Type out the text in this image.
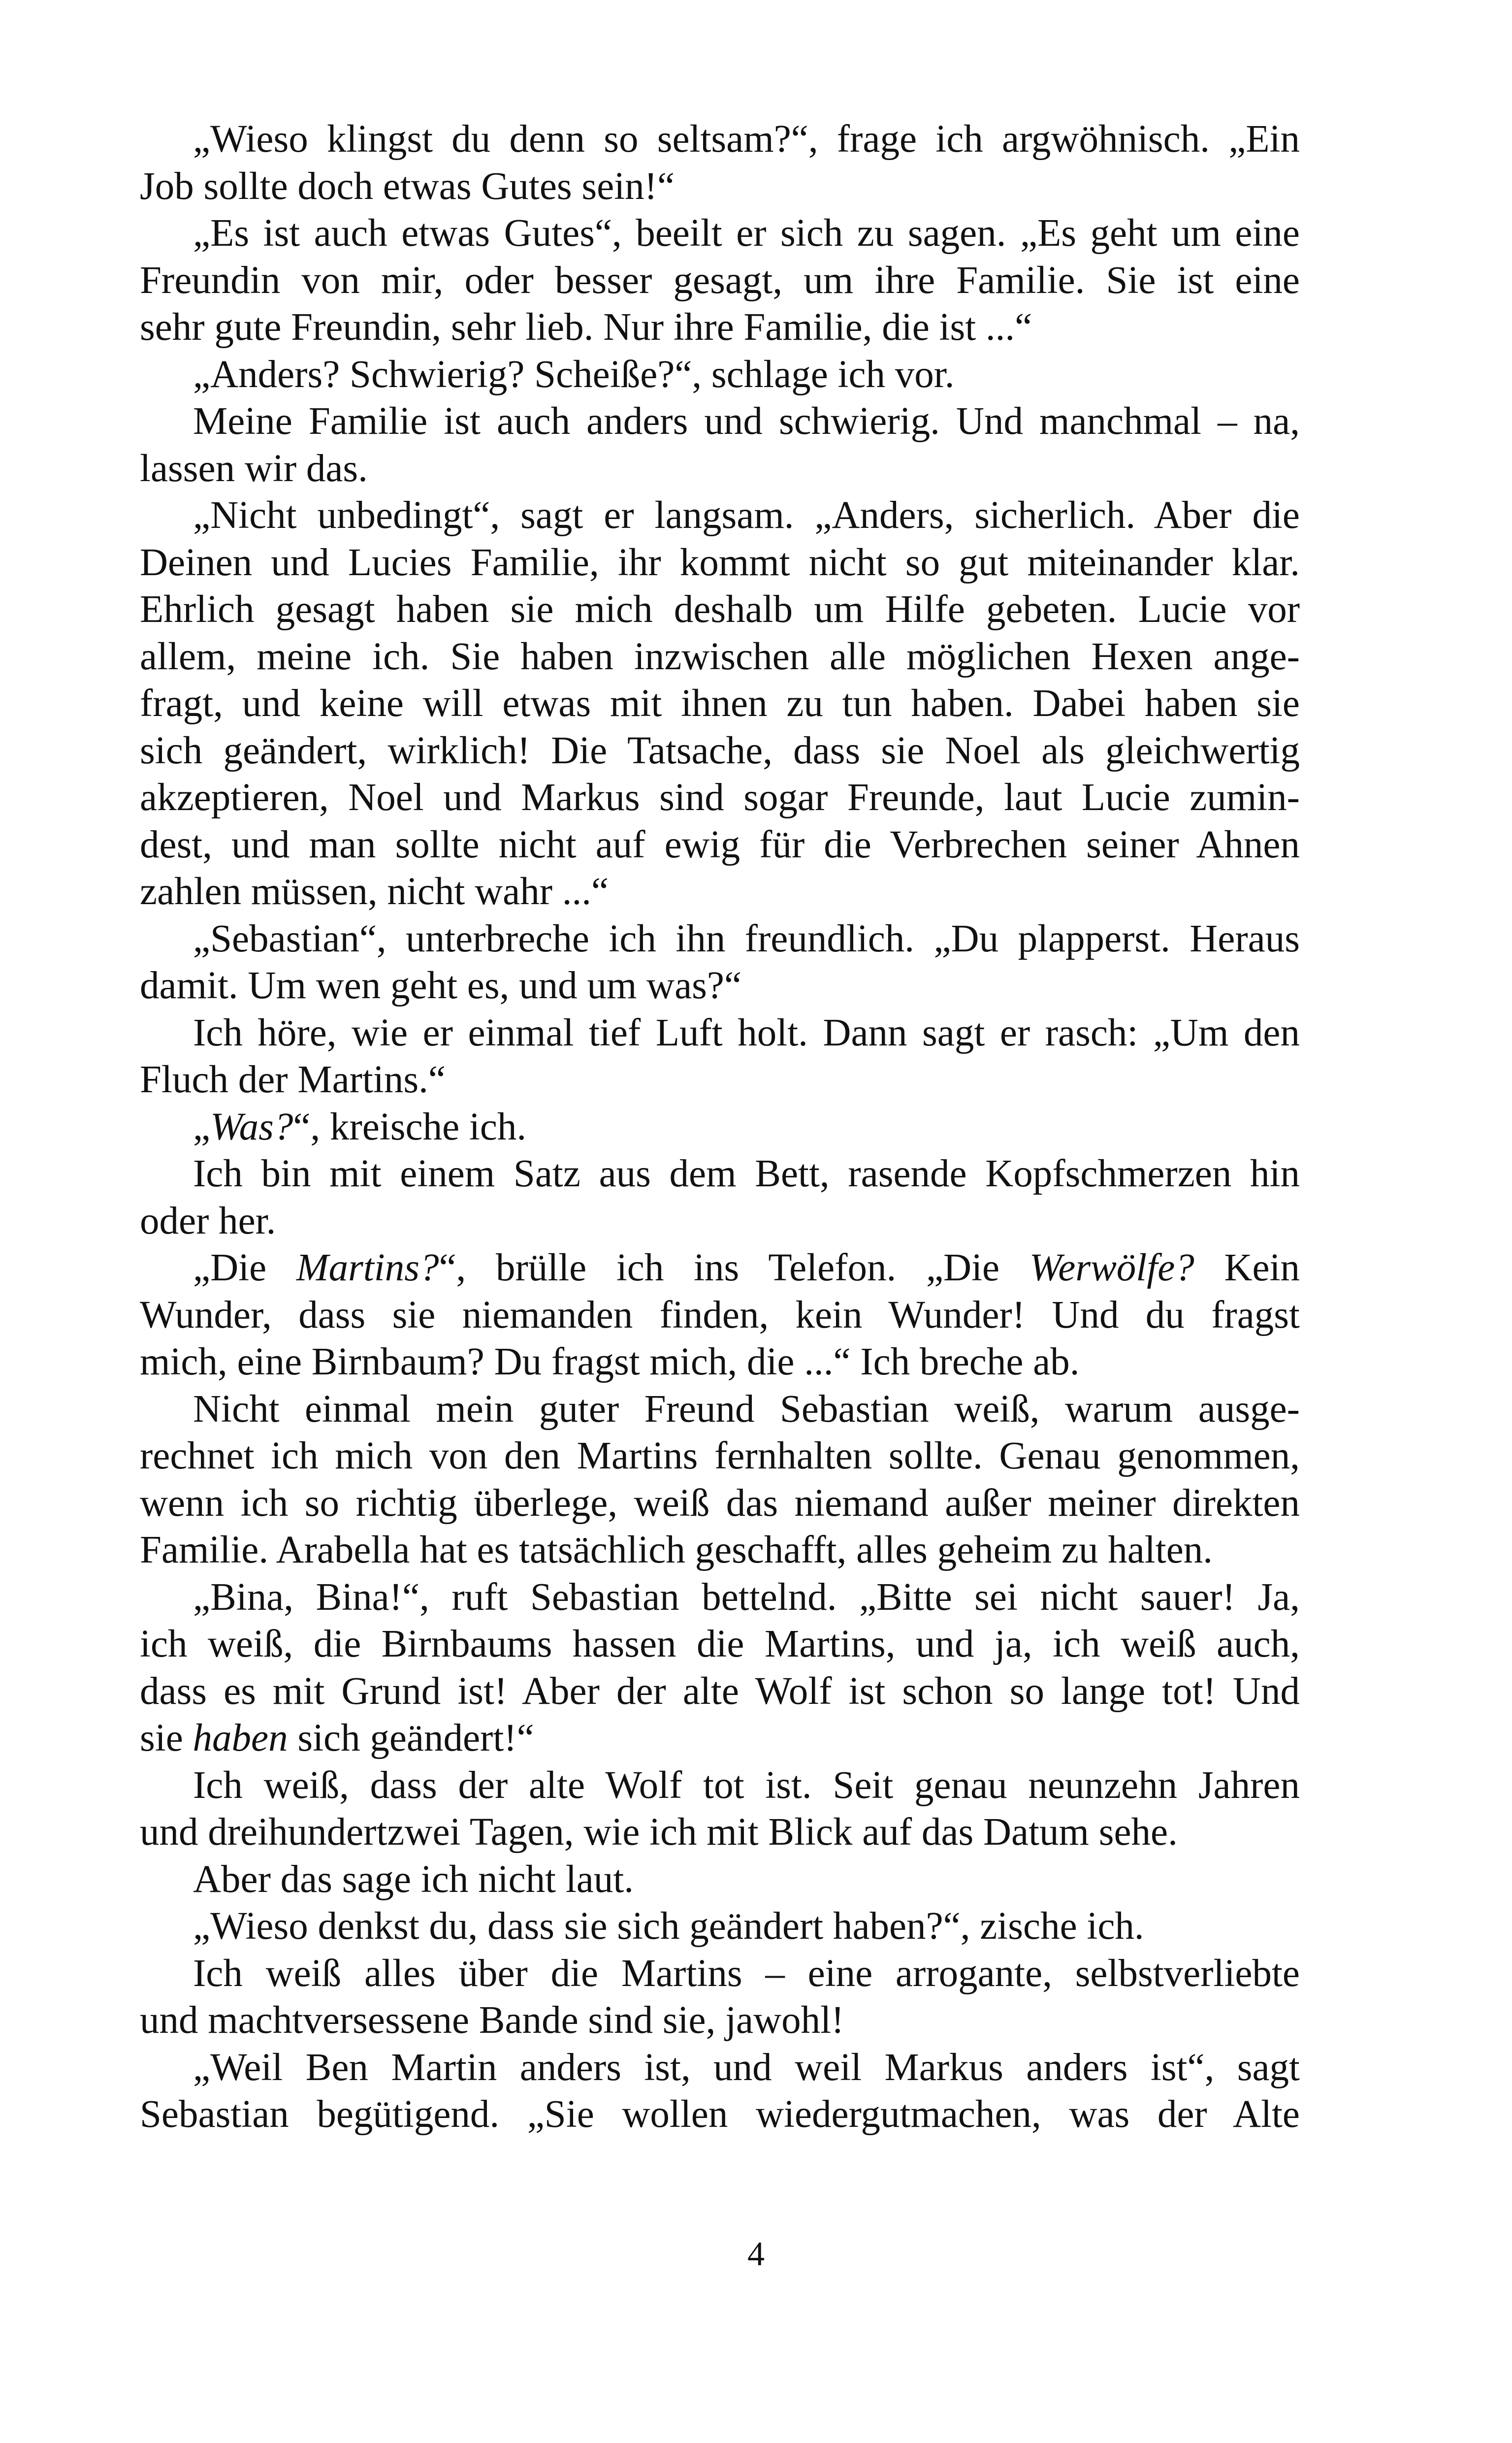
„Wieso klingst du denn so seltsam?“, frage ich argwöhnisch. „Ein
Job sollte doch etwas Gutes sein!“
„Es ist auch etwas Gutes“, beeilt er sich zu sagen. „Es geht um eine
Freundin von mir, oder besser gesagt, um ihre Familie. Sie ist eine
sehr gute Freundin, sehr lieb. Nur ihre Familie, die ist ...“
„Anders? Schwierig? Scheiße?“, schlage ich vor.
Meine Familie ist auch anders und schwierig. Und manchmal – na,
lassen wir das.
„Nicht unbedingt“, sagt er langsam. „Anders, sicherlich. Aber die
Deinen und Lucies Familie, ihr kommt nicht so gut miteinander klar.
Ehrlich gesagt haben sie mich deshalb um Hilfe gebeten. Lucie vor
allem, meine ich. Sie haben inzwischen alle möglichen Hexen ange-
fragt, und keine will etwas mit ihnen zu tun haben. Dabei haben sie
sich geändert, wirklich! Die Tatsache, dass sie Noel als gleichwertig
akzeptieren, Noel und Markus sind sogar Freunde, laut Lucie zumin-
dest, und man sollte nicht auf ewig für die Verbrechen seiner Ahnen
zahlen müssen, nicht wahr ...“
„Sebastian“, unterbreche ich ihn freundlich. „Du plapperst. Heraus
damit. Um wen geht es, und um was?“
Ich höre, wie er einmal tief Luft holt. Dann sagt er rasch: „Um den
Fluch der Martins.“
„Was?“, kreische ich.
Ich bin mit einem Satz aus dem Bett, rasende Kopfschmerzen hin
oder her.
„Die Martins?“, brülle ich ins Telefon. „Die Werwölfe? Kein
Wunder, dass sie niemanden finden, kein Wunder! Und du fragst
mich, eine Birnbaum? Du fragst mich, die ...“ Ich breche ab.
Nicht einmal mein guter Freund Sebastian weiß, warum ausge-
rechnet ich mich von den Martins fernhalten sollte. Genau genommen,
wenn ich so richtig überlege, weiß das niemand außer meiner direkten
Familie. Arabella hat es tatsächlich geschafft, alles geheim zu halten.
„Bina, Bina!“, ruft Sebastian bettelnd. „Bitte sei nicht sauer! Ja,
ich weiß, die Birnbaums hassen die Martins, und ja, ich weiß auch,
dass es mit Grund ist! Aber der alte Wolf ist schon so lange tot! Und
sie haben sich geändert!“
Ich weiß, dass der alte Wolf tot ist. Seit genau neunzehn Jahren
und dreihundertzwei Tagen, wie ich mit Blick auf das Datum sehe.
Aber das sage ich nicht laut.
„Wieso denkst du, dass sie sich geändert haben?“, zische ich.
Ich weiß alles über die Martins – eine arrogante, selbstverliebte
und machtversessene Bande sind sie, jawohl!
„Weil Ben Martin anders ist, und weil Markus anders ist“, sagt
Sebastian begütigend. „Sie wollen wiedergutmachen, was der Alte
4
